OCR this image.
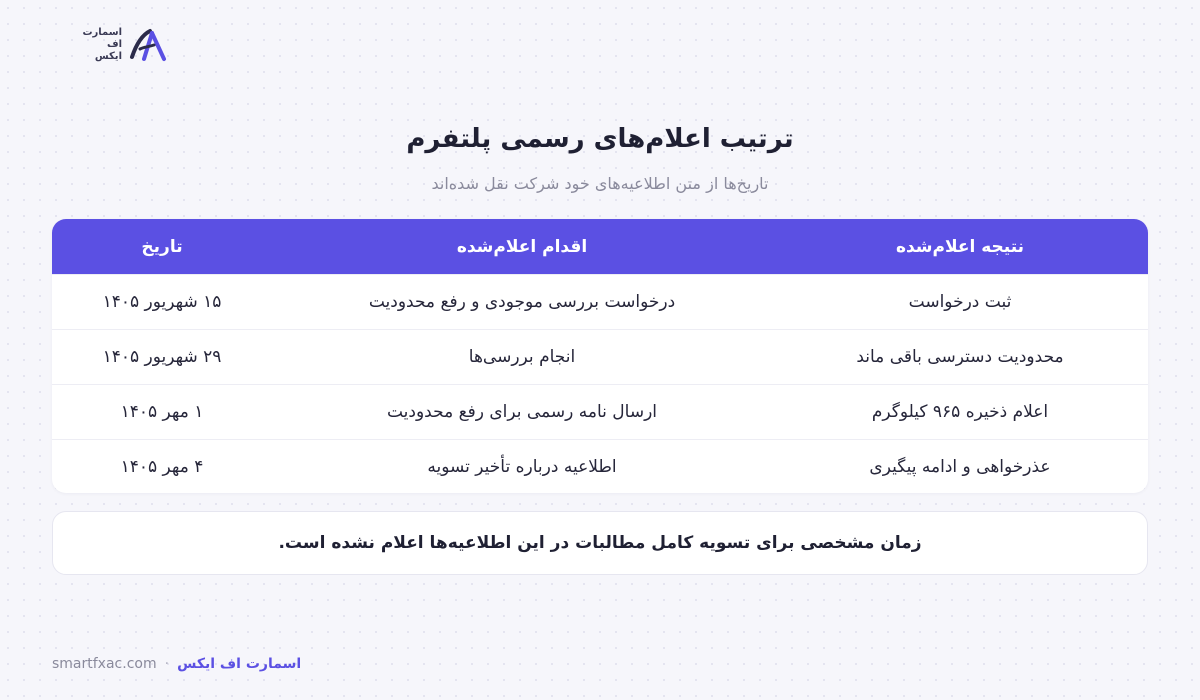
اسمارت
اف
ایکس
ترتیب اعلام‌های رسمی پلتفرم
تاریخ‌ها از متن اطلاعیه‌های خود شرکت نقل شده‌اند
تاریخ	اقدام اعلام‌شده	نتیجه اعلام‌شده
۱۵ شهریور ۱۴۰۵	درخواست بررسی موجودی و رفع محدودیت	ثبت درخواست
۲۹ شهریور ۱۴۰۵	انجام بررسی‌ها	محدودیت دسترسی باقی ماند
۱ مهر ۱۴۰۵	ارسال نامه رسمی برای رفع محدودیت	اعلام ذخیره ۹۶۵ کیلوگرم
۴ مهر ۱۴۰۵	اطلاعیه درباره تأخیر تسویه	عذرخواهی و ادامه پیگیری
زمان مشخصی برای تسویه کامل مطالبات در این اطلاعیه‌ها اعلام نشده است.
smartfxac.com · اسمارت اف ایکس
